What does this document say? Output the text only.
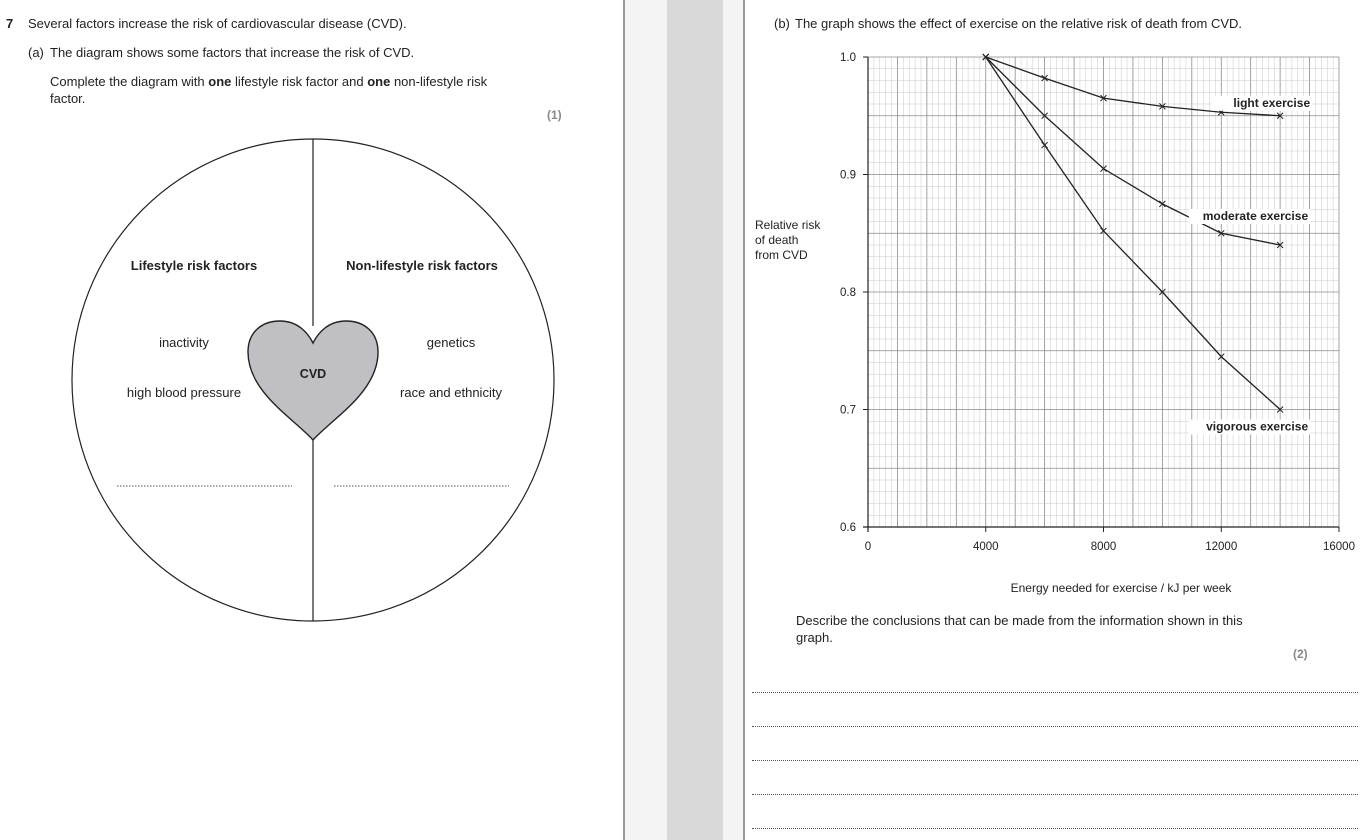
7 Several factors increase the risk of cardiovascular disease (CVD).
(a) The diagram shows some factors that increase the risk of CVD.
Complete the diagram with one lifestyle risk factor and one non-lifestyle risk
factor.
(1)
CVD
Lifestyle risk factors	Non-lifestyle risk factors
inactivity
high blood pressure
genetics
race and ethnicity
(b) The graph shows the effect of exercise on the relative risk of death from CVD.
Relative risk
of death
from CVD
Describe the conclusions that can be made from the information shown in this
graph.
(2)
0.6
0.7
0.8
0.9
1.0
0	4000	8000	12000	16000
light exercise
moderate exercise
vigorous exercise
Energy needed for exercise / kJ per week
